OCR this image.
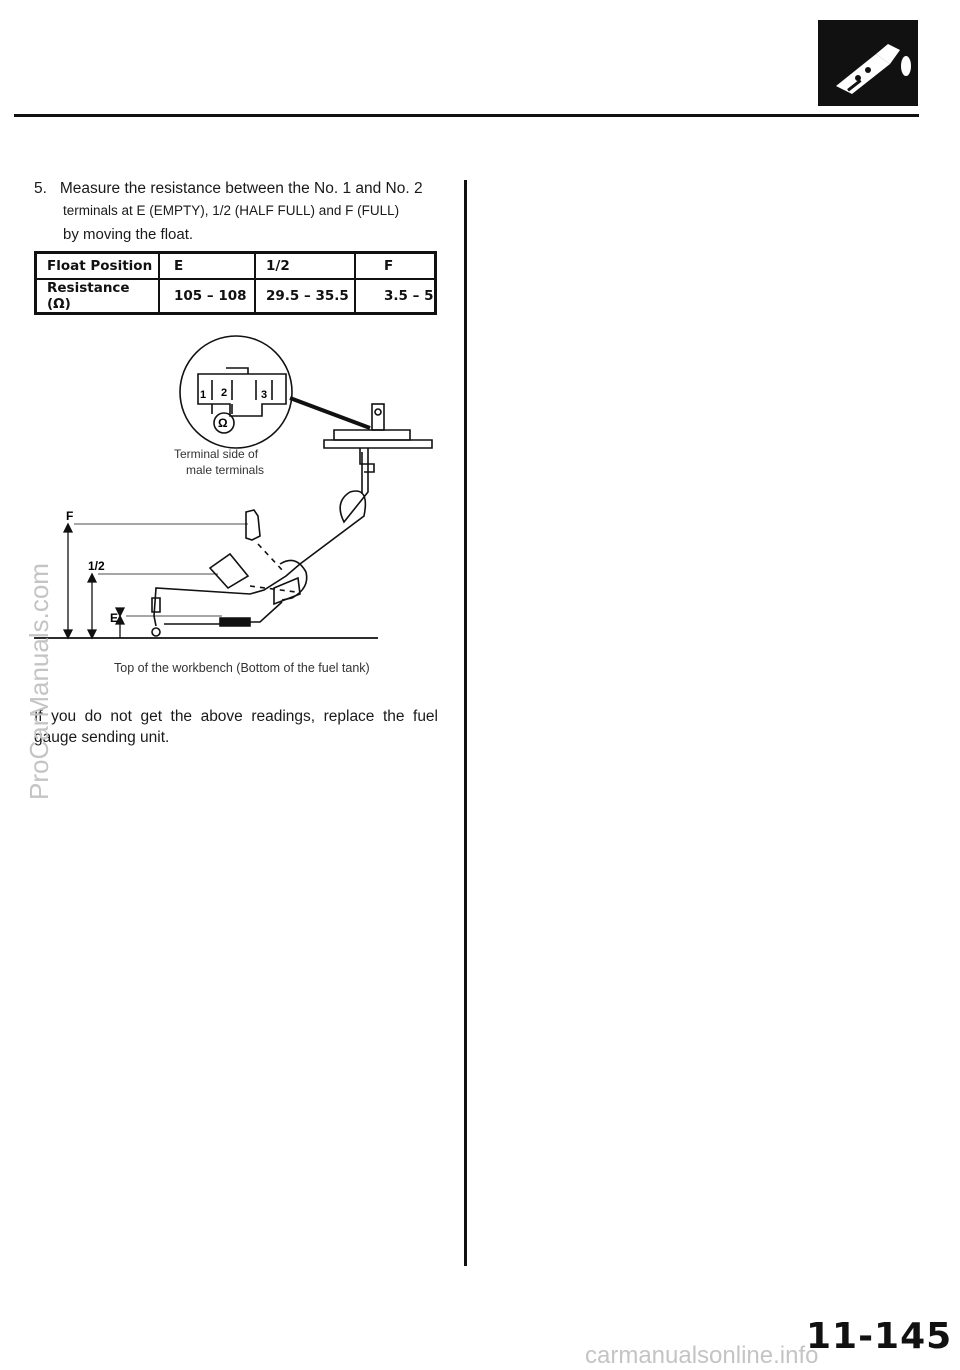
5. Measure the resistance between the No. 1 and No. 2
terminals at E (EMPTY), 1/2 (HALF FULL) and F (FULL)
by moving the float.
Float Position	E	1/2	F
Resistance (Ω)	105 – 108	29.5 – 35.5	3.5 – 5
1 2	3
Ω
Terminal side of
male terminals
F
1/2
E
Top of the workbench (Bottom of the fuel tank)
If you do not get the above readings, replace the fuel gauge sending unit.
11-145
ProCarManuals.com
carmanualsonline.info
